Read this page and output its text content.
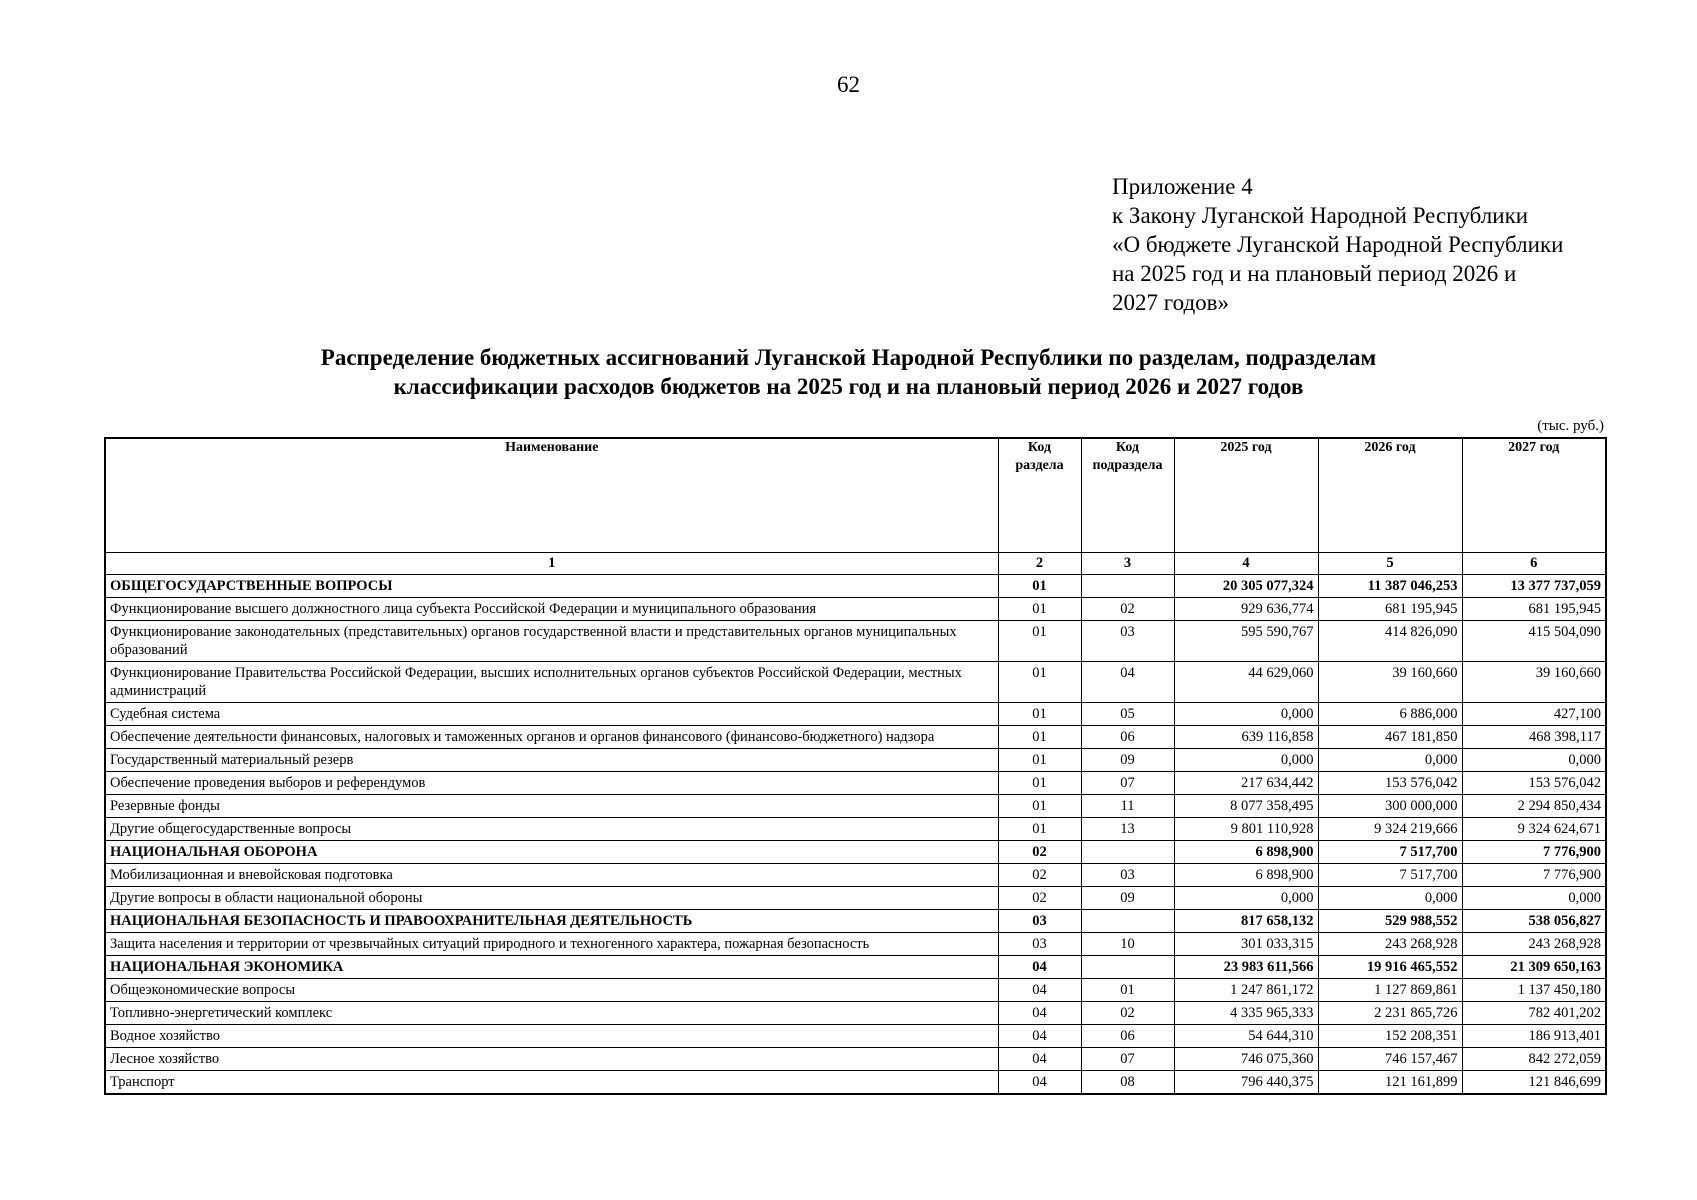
62
Приложение 4
к Закону Луганской Народной Республики
«О бюджете Луганской Народной Республики
на 2025 год и на плановый период 2026 и
2027 годов»
Распределение бюджетных ассигнований Луганской Народной Республики по разделам, подразделам
классификации расходов бюджетов на 2025 год и на плановый период 2026 и 2027 годов
(тыс. руб.)
Наименование	Код раздела	Код подраздела	2025 год	2026 год	2027 год
1	2	3	4	5	6
ОБЩЕГОСУДАРСТВЕННЫЕ ВОПРОСЫ	01		20 305 077,324	11 387 046,253	13 377 737,059
Функционирование высшего должностного лица субъекта Российской Федерации и муниципального образования	01	02	929 636,774	681 195,945	681 195,945
Функционирование законодательных (представительных) органов государственной власти и представительных органов муниципальных образований	01	03	595 590,767	414 826,090	415 504,090
Функционирование Правительства Российской Федерации, высших исполнительных органов субъектов Российской Федерации, местных администраций	01	04	44 629,060	39 160,660	39 160,660
Судебная система	01	05	0,000	6 886,000	427,100
Обеспечение деятельности финансовых, налоговых и таможенных органов и органов финансового (финансово-бюджетного) надзора	01	06	639 116,858	467 181,850	468 398,117
Государственный материальный резерв	01	09	0,000	0,000	0,000
Обеспечение проведения выборов и референдумов	01	07	217 634,442	153 576,042	153 576,042
Резервные фонды	01	11	8 077 358,495	300 000,000	2 294 850,434
Другие общегосударственные вопросы	01	13	9 801 110,928	9 324 219,666	9 324 624,671
НАЦИОНАЛЬНАЯ ОБОРОНА	02		6 898,900	7 517,700	7 776,900
Мобилизационная и вневойсковая подготовка	02	03	6 898,900	7 517,700	7 776,900
Другие вопросы в области национальной обороны	02	09	0,000	0,000	0,000
НАЦИОНАЛЬНАЯ БЕЗОПАСНОСТЬ И ПРАВООХРАНИТЕЛЬНАЯ ДЕЯТЕЛЬНОСТЬ	03		817 658,132	529 988,552	538 056,827
Защита населения и территории от чрезвычайных ситуаций природного и техногенного характера, пожарная безопасность	03	10	301 033,315	243 268,928	243 268,928
НАЦИОНАЛЬНАЯ ЭКОНОМИКА	04		23 983 611,566	19 916 465,552	21 309 650,163
Общеэкономические вопросы	04	01	1 247 861,172	1 127 869,861	1 137 450,180
Топливно-энергетический комплекс	04	02	4 335 965,333	2 231 865,726	782 401,202
Водное хозяйство	04	06	54 644,310	152 208,351	186 913,401
Лесное хозяйство	04	07	746 075,360	746 157,467	842 272,059
Транспорт	04	08	796 440,375	121 161,899	121 846,699
